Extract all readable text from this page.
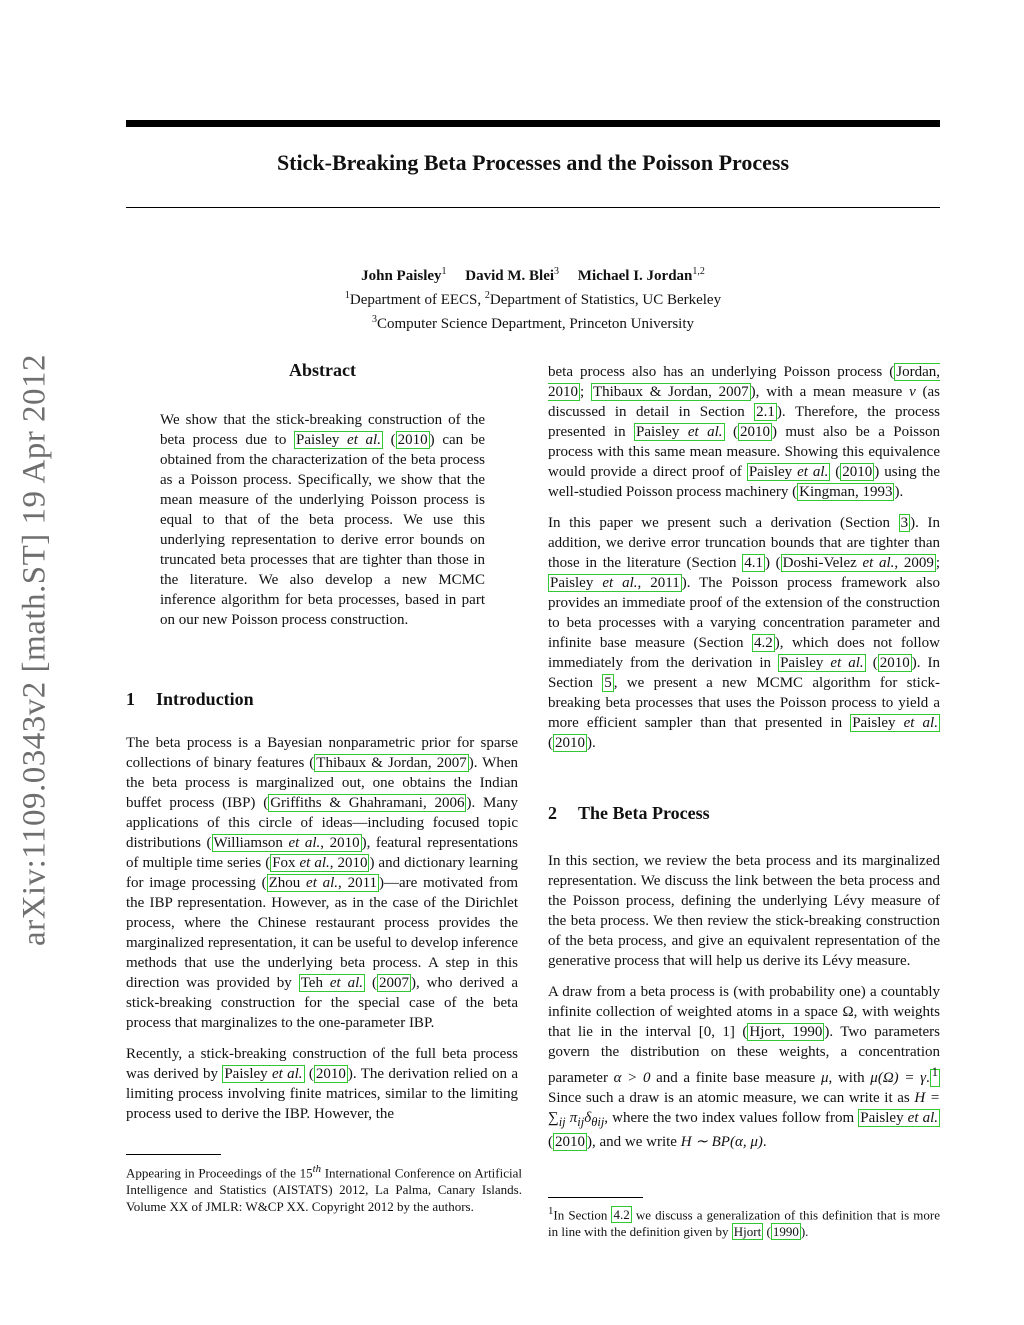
arXiv:1109.0343v2 [math.ST] 19 Apr 2012
Stick-Breaking Beta Processes and the Poisson Process
John Paisley$^1$ David M. Blei$^3$ Michael I. Jordan$^{1,2}$
$^1$Department of EECS, $^2$Department of Statistics, UC Berkeley
$^3$Computer Science Department, Princeton University
Abstract

We show that the stick-breaking construction of the beta process due to Paisley et al. ( 2010 ) can be obtained from the characterization of the beta process as a Poisson process. Specifically, we show that the mean measure of the underlying Poisson process is equal to that of the beta process. We use this underlying representation to derive error bounds on truncated beta processes that are tighter than those in the literature. We also develop a new MCMC inference algorithm for beta processes, based in part on our new Poisson process construction.

1 Introduction

The beta process is a Bayesian nonparametric prior for sparse collections of binary features ( Thibaux & Jordan, 2007 ). When the beta process is marginalized out, one obtains the Indian buffet process (IBP) ( Griffiths & Ghahramani, 2006 ). Many applications of this circle of ideas—including focused topic distributions ( Williamson et al., 2010 ), featural representations of multiple time series ( Fox et al., 2010 ) and dictionary learning for image processing ( Zhou et al., 2011 )—are motivated from the IBP representation. However, as in the case of the Dirichlet process, where the Chinese restaurant process provides the marginalized representation, it can be useful to develop inference methods that use the underlying beta process. A step in this direction was provided by Teh et al. ( 2007 ), who derived a stick-breaking construction for the special case of the beta process that marginalizes to the one-parameter IBP.

Recently, a stick-breaking construction of the full beta process was derived by Paisley et al. ( 2010 ). The derivation relied on a limiting process involving finite matrices, similar to the limiting process used to derive the IBP. However, the

Appearing in Proceedings of the 15th International Conference on Artificial Intelligence and Statistics (AISTATS) 2012, La Palma, Canary Islands. Volume XX of JMLR: W&CP XX. Copyright 2012 by the authors.

beta process also has an underlying Poisson process ( Jordan, 2010 ; Thibaux & Jordan, 2007 ), with a mean measure ν (as discussed in detail in Section 2.1 ). Therefore, the process presented in Paisley et al. ( 2010 ) must also be a Poisson process with this same mean measure. Showing this equivalence would provide a direct proof of Paisley et al. ( 2010 ) using the well-studied Poisson process machinery ( Kingman, 1993 ).

In this paper we present such a derivation (Section 3 ). In addition, we derive error truncation bounds that are tighter than those in the literature (Section 4.1 ) ( Doshi-Velez et al., 2009 ; Paisley et al., 2011 ). The Poisson process framework also provides an immediate proof of the extension of the construction to beta processes with a varying concentration parameter and infinite base measure (Section 4.2 ), which does not follow immediately from the derivation in Paisley et al. ( 2010 ). In Section 5 , we present a new MCMC algorithm for stick-breaking beta processes that uses the Poisson process to yield a more efficient sampler than that presented in Paisley et al. ( 2010 ).

2 The Beta Process

In this section, we review the beta process and its marginalized representation. We discuss the link between the beta process and the Poisson process, defining the underlying Lévy measure of the beta process. We then review the stick-breaking construction of the beta process, and give an equivalent representation of the generative process that will help us derive its Lévy measure.

A draw from a beta process is (with probability one) a countably infinite collection of weighted atoms in a space Ω, with weights that lie in the interval [0, 1] ( Hjort, 1990 ). Two parameters govern the distribution on these weights, a concentration parameter α > 0 and a finite base measure μ, with μ(Ω) = γ. $^1$ Since such a draw is an atomic measure, we can write it as $H = \sum_{ij}$ $\pi_{ij}\delta_{\theta ij}$, where the two index values follow from Paisley et al. ( 2010 ), and we write H ∼ BP(α, μ).

$^1$In Section 4.2 we discuss a generalization of this definition that is more in line with the definition given by Hjort ( 1990 ).
